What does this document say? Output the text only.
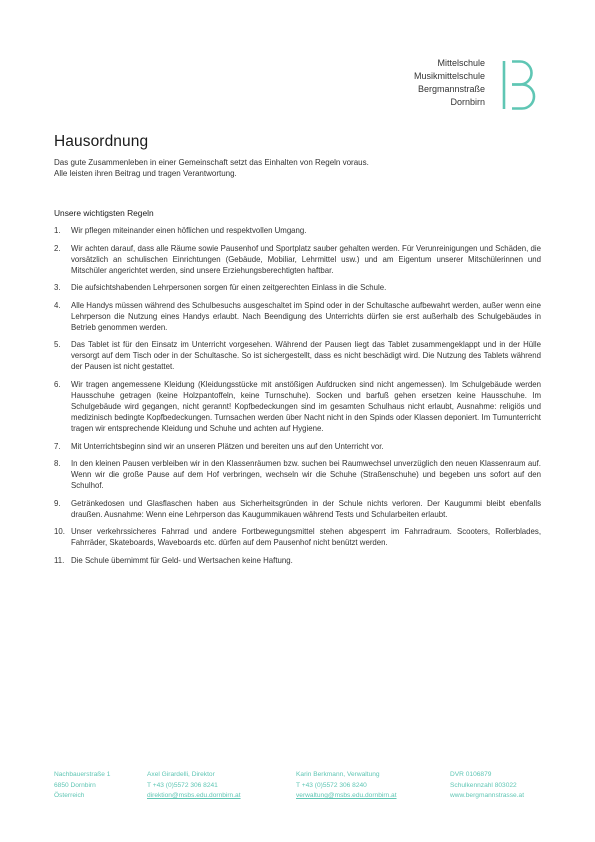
Mittelschule
Musikmittelschule
Bergmannstraße
Dornbirn
Hausordnung
Das gute Zusammenleben in einer Gemeinschaft setzt das Einhalten von Regeln voraus.
Alle leisten ihren Beitrag und tragen Verantwortung.
Unsere wichtigsten Regeln
1.	Wir pflegen miteinander einen höflichen und respektvollen Umgang.
2.	Wir achten darauf, dass alle Räume sowie Pausenhof und Sportplatz sauber gehalten werden. Für Verunreinigungen und Schäden, die vorsätzlich an schulischen Einrichtungen (Gebäude, Mobiliar, Lehrmittel usw.) und am Eigentum unserer Mitschülerinnen und Mitschüler angerichtet werden, sind unsere Erziehungsberechtigten haftbar.
3.	Die aufsichtshabenden Lehrpersonen sorgen für einen zeitgerechten Einlass in die Schule.
4.	Alle Handys müssen während des Schulbesuchs ausgeschaltet im Spind oder in der Schultasche aufbewahrt werden, außer wenn eine Lehrperson die Nutzung eines Handys erlaubt. Nach Beendigung des Unterrichts dürfen sie erst außerhalb des Schulgebäudes in Betrieb genommen werden.
5.	Das Tablet ist für den Einsatz im Unterricht vorgesehen. Während der Pausen liegt das Tablet zusammengeklappt und in der Hülle versorgt auf dem Tisch oder in der Schultasche. So ist sichergestellt, dass es nicht beschädigt wird. Die Nutzung des Tablets während der Pausen ist nicht gestattet.
6.	Wir tragen angemessene Kleidung (Kleidungsstücke mit anstößigen Aufdrucken sind nicht angemessen). Im Schulgebäude werden Hausschuhe getragen (keine Holzpantoffeln, keine Turnschuhe). Socken und barfuß gehen ersetzen keine Hausschuhe. Im Schulgebäude wird gegangen, nicht gerannt! Kopfbedeckungen sind im gesamten Schulhaus nicht erlaubt, Ausnahme: religiös und medizinisch bedingte Kopfbedeckungen. Turnsachen werden über Nacht nicht in den Spinds oder Klassen deponiert. Im Turnunterricht tragen wir entsprechende Kleidung und Schuhe und achten auf Hygiene.
7.	Mit Unterrichtsbeginn sind wir an unseren Plätzen und bereiten uns auf den Unterricht vor.
8.	In den kleinen Pausen verbleiben wir in den Klassenräumen bzw. suchen bei Raumwechsel unverzüglich den neuen Klassenraum auf. Wenn wir die große Pause auf dem Hof verbringen, wechseln wir die Schuhe (Straßenschuhe) und begeben uns sofort auf den Schulhof.
9.	Getränkedosen und Glasflaschen haben aus Sicherheitsgründen in der Schule nichts verloren. Der Kaugummi bleibt ebenfalls draußen. Ausnahme: Wenn eine Lehrperson das Kaugummikauen während Tests und Schularbeiten erlaubt.
10. Unser verkehrssicheres Fahrrad und andere Fortbewegungsmittel stehen abgesperrt im Fahrradraum. Scooters, Rollerblades, Fahrräder, Skateboards, Waveboards etc. dürfen auf dem Pausenhof nicht benützt werden.
11. Die Schule übernimmt für Geld- und Wertsachen keine Haftung.
Nachbauerstraße 1
6850 Dornbirn
Österreich
Axel Girardelli, Direktor
T +43 (0)5572 306 8241
direktion@msbs.edu.dornbirn.at
Karin Berkmann, Verwaltung
T +43 (0)5572 306 8240
verwaltung@msbs.edu.dornbirn.at
DVR 0106879
Schulkennzahl 803022
www.bergmannstrasse.at
